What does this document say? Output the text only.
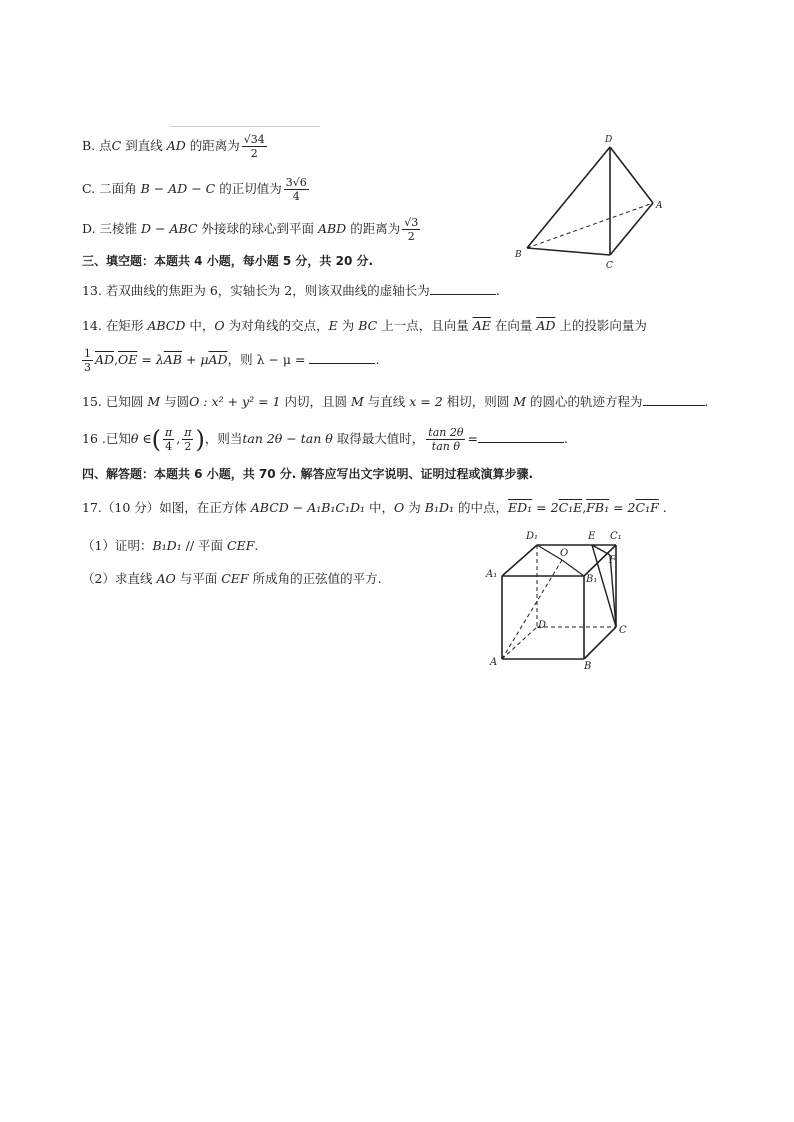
B. 点C 到直线 AD 的距离为 $\frac{√34}{2}$
C. 二面角 B − AD − C 的正切值为 $\frac{3√6}{4}$
D. 三棱锥 D − ABC 外接球的球心到平面 ABD 的距离为 $\frac{√3}{2}$
D
A
B
C
三、填空题：本题共 4 小题，每小题 5 分，共 20 分.
13. 若双曲线的焦距为 6，实轴长为 2，则该双曲线的虚轴长为	.
14. 在矩形 ABCD 中，O 为对角线的交点，E 为 BC 上一点，且向量 $\overline{AE}$ 在向量 $\overline{AD}$ 上的投影向量为
$\frac{1}{3} \overline{AD},\overline{OE} = \lambda\overline{AB} + \mu\overline{AD}$，则 λ − μ =	.
15. 已知圆 M 与圆O : x² + y² = 1 内切，且圆 M 与直线 x = 2 相切，则圆 M 的圆心的轨迹方程为	.
16 .已知θ ∈( $\frac{\pi}{4}$ , $\frac{\pi}{2}$ )，则当tan 2θ − tan θ 取得最大值时， $\frac{\tan 2\theta}{\text{tan θ}}$ =	.
四、解答题：本题共 6 小题，共 70 分. 解答应写出文字说明、证明过程或演算步骤.
17.（10 分）如图，在正方体 ABCD − A₁B₁C₁D₁ 中，O 为 B₁D₁ 的中点，ED₁ = 2C₁E,FB₁ = 2C₁F .
（1）证明：B₁D₁ // 平面 CEF.
（2）求直线 AO 与平面 CEF 所成角的正弦值的平方.
D₁
O
E C₁
F
A₁	B₁
D	C
A	B
